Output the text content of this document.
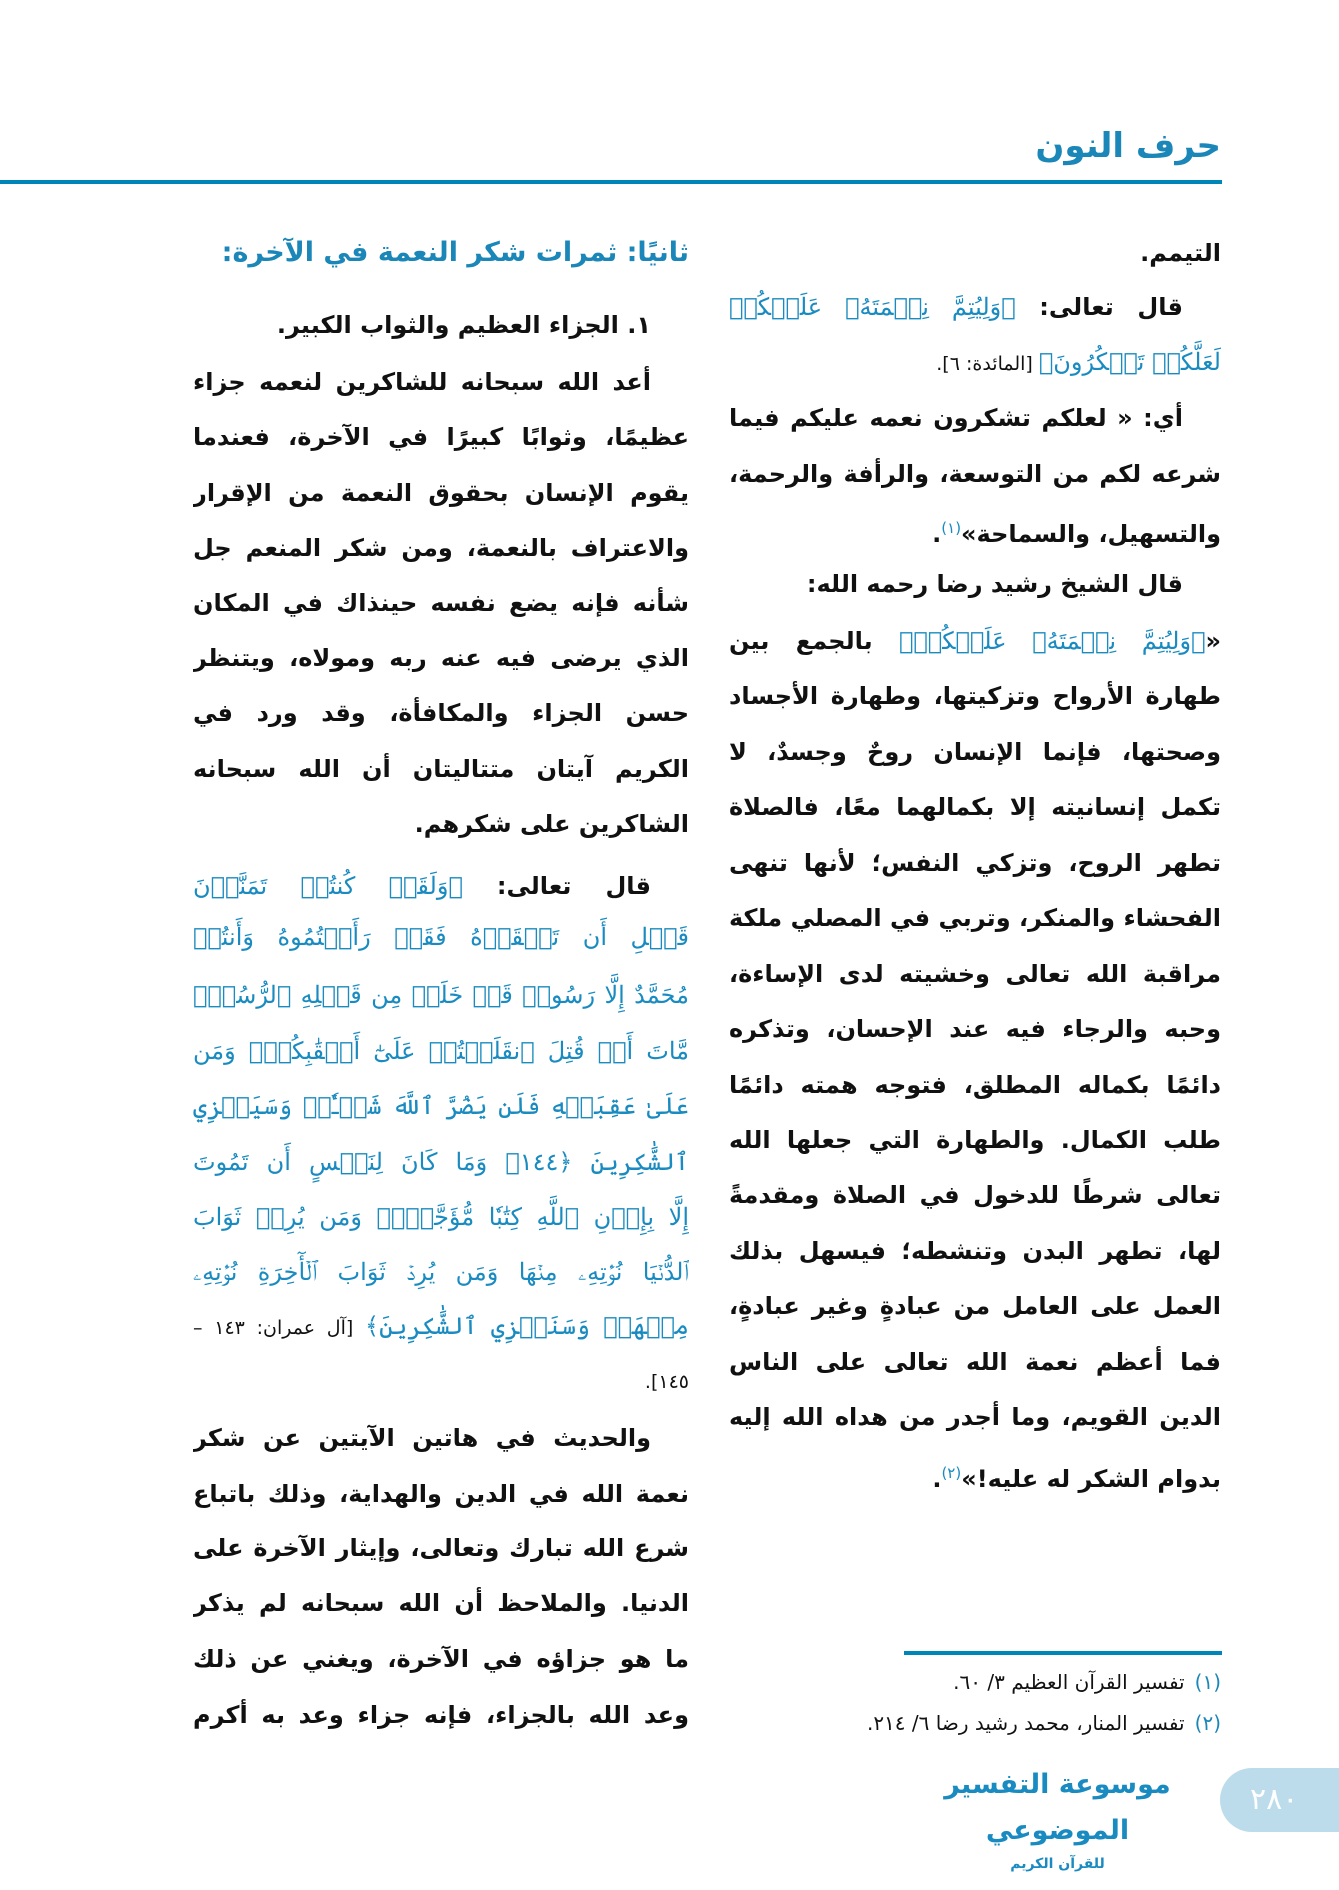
حرف النون
التيمم.
قال تعالى: ﴿وَلِيُتِمَّ نِعۡمَتَهُۥ عَلَيۡكُمۡ
لَعَلَّكُمۡ تَشۡكُرُونَ﴾ [المائدة: ٦].
أي: « لعلكم تشكرون نعمه عليكم فيما
شرعه لكم من التوسعة، والرأفة والرحمة،
والتسهيل، والسماحة»$^{(١)}$.
قال الشيخ رشيد رضا رحمه الله:
«﴿وَلِيُتِمَّ نِعۡمَتَهُۥ عَلَيۡكُمۡ﴾ بالجمع بين
طهارة الأرواح وتزكيتها، وطهارة الأجساد
وصحتها، فإنما الإنسان روحٌ وجسدٌ، لا
تكمل إنسانيته إلا بكمالهما معًا، فالصلاة
تطهر الروح، وتزكي النفس؛ لأنها تنهى
الفحشاء والمنكر، وتربي في المصلي ملكة
مراقبة الله تعالى وخشيته لدى الإساءة،
وحبه والرجاء فيه عند الإحسان، وتذكره
دائمًا بكماله المطلق، فتوجه همته دائمًا
طلب الكمال. والطهارة التي جعلها الله
تعالى شرطًا للدخول في الصلاة ومقدمةً
لها، تطهر البدن وتنشطه؛ فيسهل بذلك
العمل على العامل من عبادةٍ وغير عبادةٍ،
فما أعظم نعمة الله تعالى على الناس
الدين القويم، وما أجدر من هداه الله إليه
بدوام الشكر له عليه!»$^{(٢)}$.
ثانيًا: ثمرات شكر النعمة في الآخرة:
١. الجزاء العظيم والثواب الكبير.
أعد الله سبحانه للشاكرين لنعمه جزاء
عظيمًا، وثوابًا كبيرًا في الآخرة، فعندما
يقوم الإنسان بحقوق النعمة من الإقرار
والاعتراف بالنعمة، ومن شكر المنعم جل
شأنه فإنه يضع نفسه حينذاك في المكان
الذي يرضى فيه عنه ربه ومولاه، ويتنظر
حسن الجزاء والمكافأة، وقد ورد في
الكريم آيتان متتاليتان أن الله سبحانه
الشاكرين على شكرهم.
قال تعالى: ﴿وَلَقَدۡ كُنتُمۡ تَمَنَّوۡنَ
قَبۡلِ أَن تَلۡقَوۡهُ فَقَدۡ رَأَيۡتُمُوهُ وَأَنتُمۡ
مُحَمَّدٌ إِلَّا رَسُولٞ قَدۡ خَلَتۡ مِن قَبۡلِهِ ٱلرُّسُلُۚ
مَّاتَ أَوۡ قُتِلَ ٱنقَلَبۡتُمۡ عَلَىٰٓ أَعۡقَٰبِكُمۡۚ وَمَن
عَلَىٰ عَقِبَيۡهِ فَلَن يَضُرَّ ٱللَّهَ شَيۡـٔٗاۗ وَسَيَجۡزِي
ٱلشَّٰكِرِينَ ﴿١٤٤﴾ وَمَا كَانَ لِنَفۡسٍ أَن تَمُوتَ
إِلَّا بِإِذۡنِ ٱللَّهِ كِتَٰبٗا مُّؤَجَّلٗاۗ وَمَن يُرِدۡ ثَوَابَ
ٱلدُّنۡيَا نُؤۡتِهِۦ مِنۡهَا وَمَن يُرِدۡ ثَوَابَ ٱلۡأٓخِرَةِ نُؤۡتِهِۦ
مِنۡهَاۚ وَسَنَجۡزِي ٱلشَّٰكِرِينَ﴾ [آل عمران: ١٤٣ –
١٤٥].
والحديث في هاتين الآيتين عن شكر
نعمة الله في الدين والهداية، وذلك باتباع
شرع الله تبارك وتعالى، وإيثار الآخرة على
الدنيا. والملاحظ أن الله سبحانه لم يذكر
ما هو جزاؤه في الآخرة، ويغني عن ذلك
وعد الله بالجزاء، فإنه جزاء وعد به أكرم
(١)تفسير القرآن العظيم ٣/ ٦٠.
(٢)تفسير المنار، محمد رشيد رضا ٦/ ٢١٤.
موسوعة التفسير الموضوعي
للقرآن الكريم
٢٨٠
